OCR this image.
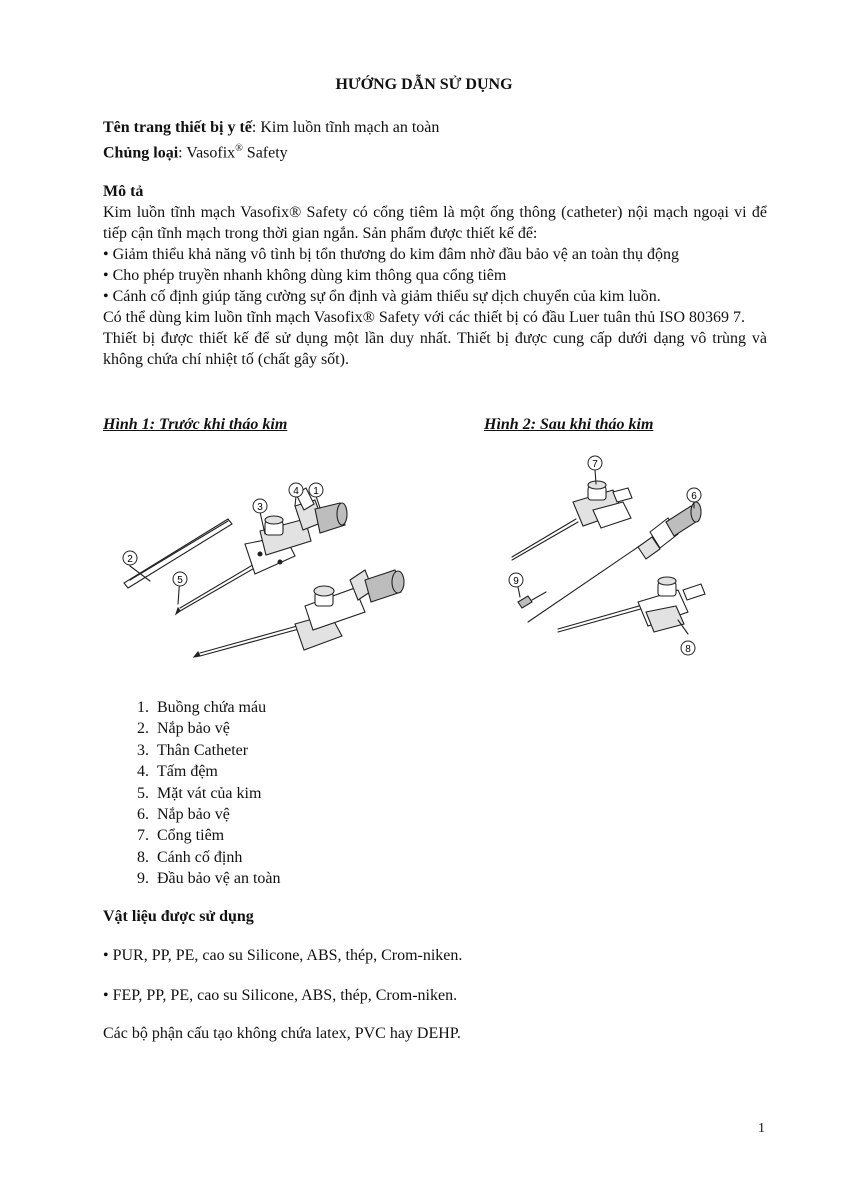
HƯỚNG DẪN SỬ DỤNG
Tên trang thiết bị y tế: Kim luồn tĩnh mạch an toàn
Chủng loại: Vasofix® Safety
Mô tả
Kim luồn tĩnh mạch Vasofix® Safety có cổng tiêm là một ống thông (catheter) nội mạch ngoại vi để tiếp cận tĩnh mạch trong thời gian ngắn. Sản phẩm được thiết kế để:
• Giảm thiểu khả năng vô tình bị tổn thương do kim đâm nhờ đầu bảo vệ an toàn thụ động
• Cho phép truyền nhanh không dùng kim thông qua cổng tiêm
• Cánh cố định giúp tăng cường sự ổn định và giảm thiểu sự dịch chuyển của kim luồn.
Có thể dùng kim luồn tĩnh mạch Vasofix® Safety với các thiết bị có đầu Luer tuân thủ ISO 80369 7.
Thiết bị được thiết kế để sử dụng một lần duy nhất. Thiết bị được cung cấp dưới dạng vô trùng và không chứa chí nhiệt tố (chất gây sốt).
Hình 1: Trước khi tháo kim	Hình 2: Sau khi tháo kim
2
5
3
4 1
7
6
9
8
1. Buồng chứa máu
2. Nắp bảo vệ
3. Thân Catheter
4. Tấm đệm
5. Mặt vát của kim
6. Nắp bảo vệ
7. Cổng tiêm
8. Cánh cố định
9. Đầu bảo vệ an toàn
Vật liệu được sử dụng
• PUR, PP, PE, cao su Silicone, ABS, thép, Crom-niken.
• FEP, PP, PE, cao su Silicone, ABS, thép, Crom-niken.
Các bộ phận cấu tạo không chứa latex, PVC hay DEHP.
1
